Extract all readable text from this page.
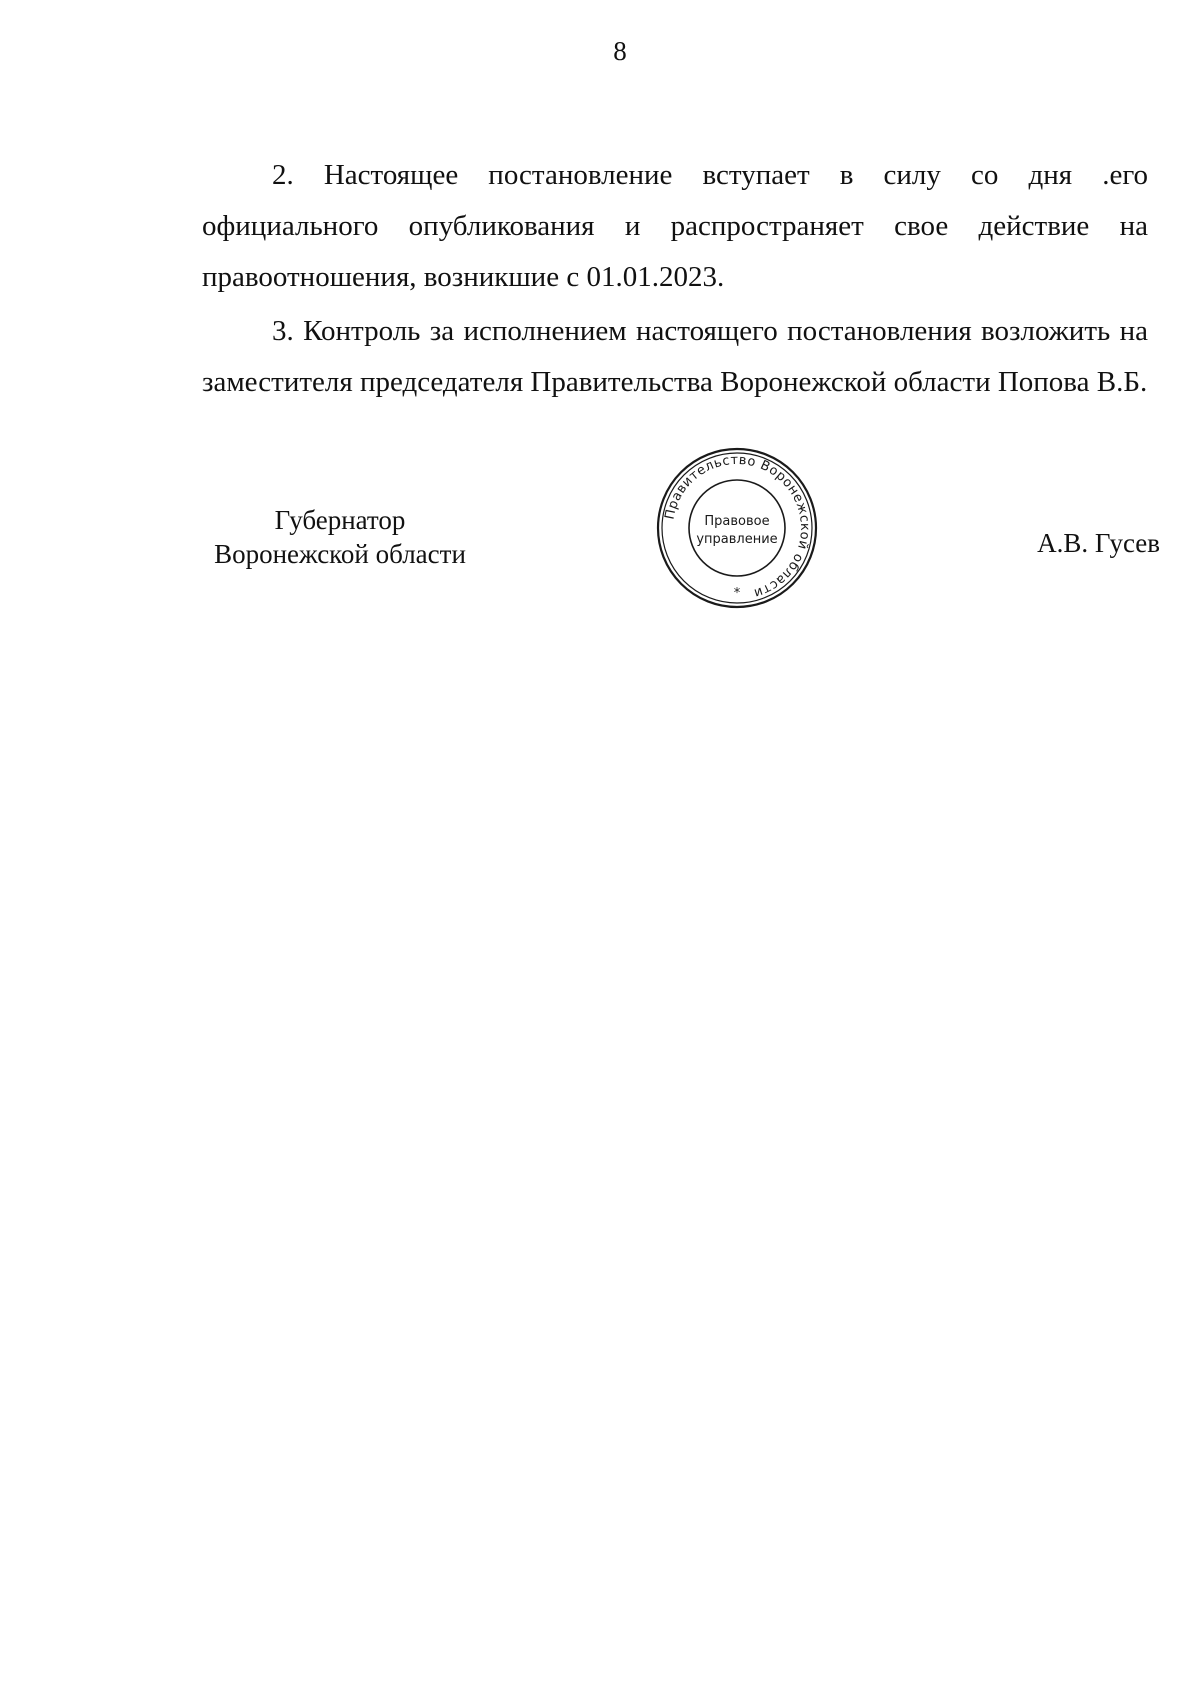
8

2. Настоящее постановление вступает в силу со дня .его официального опубликования и распространяет свое действие на правоотношения, возникшие с 01.01.2023.

3. Контроль за исполнением настоящего постановления возложить на заместителя председателя Правительства Воронежской области Попова В.Б.

Губернатор
Воронежской области
Правительство Воронежской области
Правовое
управление
*
А.В. Гусев
